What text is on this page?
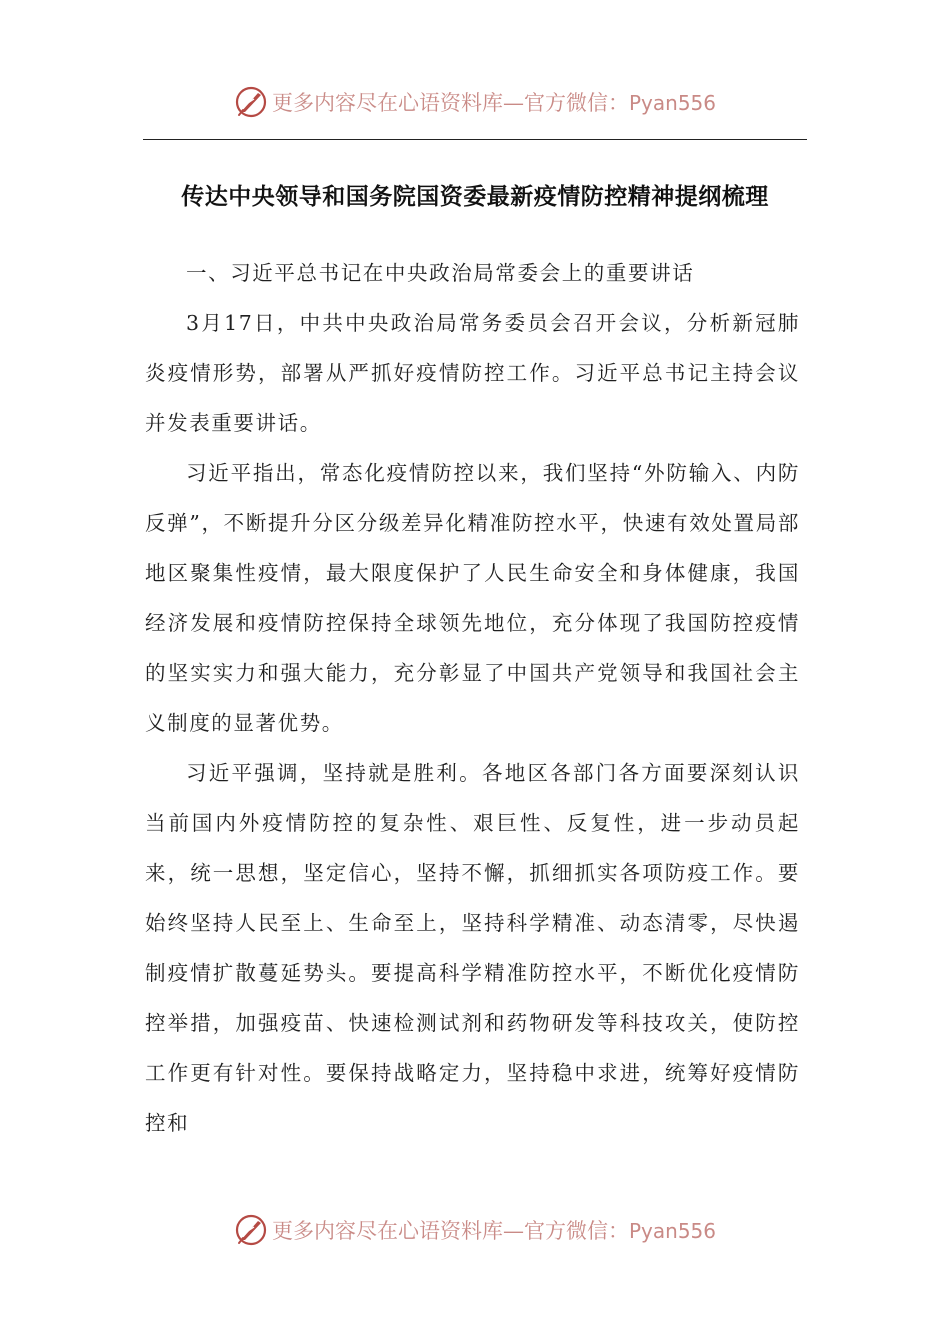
更多内容尽在心语资料库—官方微信：Pyan556
传达中央领导和国务院国资委最新疫情防控精神提纲梳理

一、习近平总书记在中央政治局常委会上的重要讲话

3月17日，中共中央政治局常务委员会召开会议，分析新冠肺炎疫情形势，部署从严抓好疫情防控工作。习近平总书记主持会议并发表重要讲话。

习近平指出，常态化疫情防控以来，我们坚持“外防输入、内防反弹”，不断提升分区分级差异化精准防控水平，快速有效处置局部地区聚集性疫情，最大限度保护了人民生命安全和身体健康，我国经济发展和疫情防控保持全球领先地位，充分体现了我国防控疫情的坚实实力和强大能力，充分彰显了中国共产党领导和我国社会主义制度的显著优势。

习近平强调，坚持就是胜利。各地区各部门各方面要深刻认识当前国内外疫情防控的复杂性、艰巨性、反复性，进一步动员起来，统一思想，坚定信心，坚持不懈，抓细抓实各项防疫工作。要始终坚持人民至上、生命至上，坚持科学精准、动态清零，尽快遏制疫情扩散蔓延势头。要提高科学精准防控水平，不断优化疫情防控举措，加强疫苗、快速检测试剂和药物研发等科技攻关，使防控工作更有针对性。要保持战略定力，坚持稳中求进，统筹好疫情防控和

更多内容尽在心语资料库—官方微信：Pyan556
